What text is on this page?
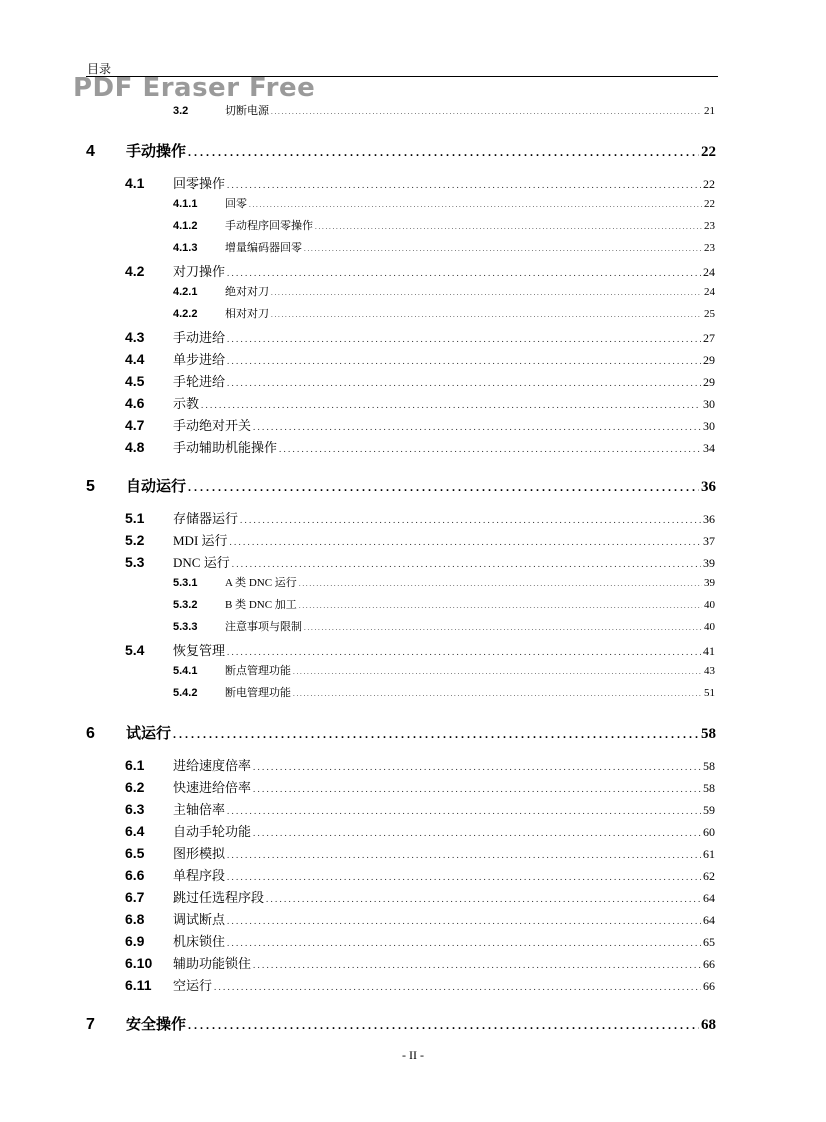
目录
PDF Eraser Free
3.2	切断电源 . . .	21
4	手动操作 . . .	22
4.1	回零操作 . . .	22
4.1.1	回零 . . .	22
4.1.2	手动程序回零操作 . . .	23
4.1.3	增量编码器回零 . . .	23
4.2	对刀操作 . . .	24
4.2.1	绝对对刀 . . .	24
4.2.2	相对对刀 . . .	25
4.3	手动进给 . . .	27
4.4	单步进给 . . .	29
4.5	手轮进给 . . .	29
4.6	示教 . . .	30
4.7	手动绝对开关 . . .	30
4.8	手动辅助机能操作 . . .	34
5	自动运行 . . .	36
5.1	存储器运行 . . .	36
5.2	MDI 运行 . . .	37
5.3	DNC 运行 . . .	39
5.3.1	A 类 DNC 运行 . . .	39
5.3.2	B 类 DNC 加工 . . .	40
5.3.3	注意事项与限制 . . .	40
5.4	恢复管理 . . .	41
5.4.1	断点管理功能 . . .	43
5.4.2	断电管理功能 . . .	51
6	试运行 . . .	58
6.1	进给速度倍率 . . .	58
6.2	快速进给倍率 . . .	58
6.3	主轴倍率 . . .	59
6.4	自动手轮功能 . . .	60
6.5	图形模拟 . . .	61
6.6	单程序段 . . .	62
6.7	跳过任选程序段 . . .	64
6.8	调试断点 . . .	64
6.9	机床锁住 . . .	65
6.10	辅助功能锁住 . . .	66
6.11	空运行 . . .	66
7	安全操作 . . .	68
- II -
